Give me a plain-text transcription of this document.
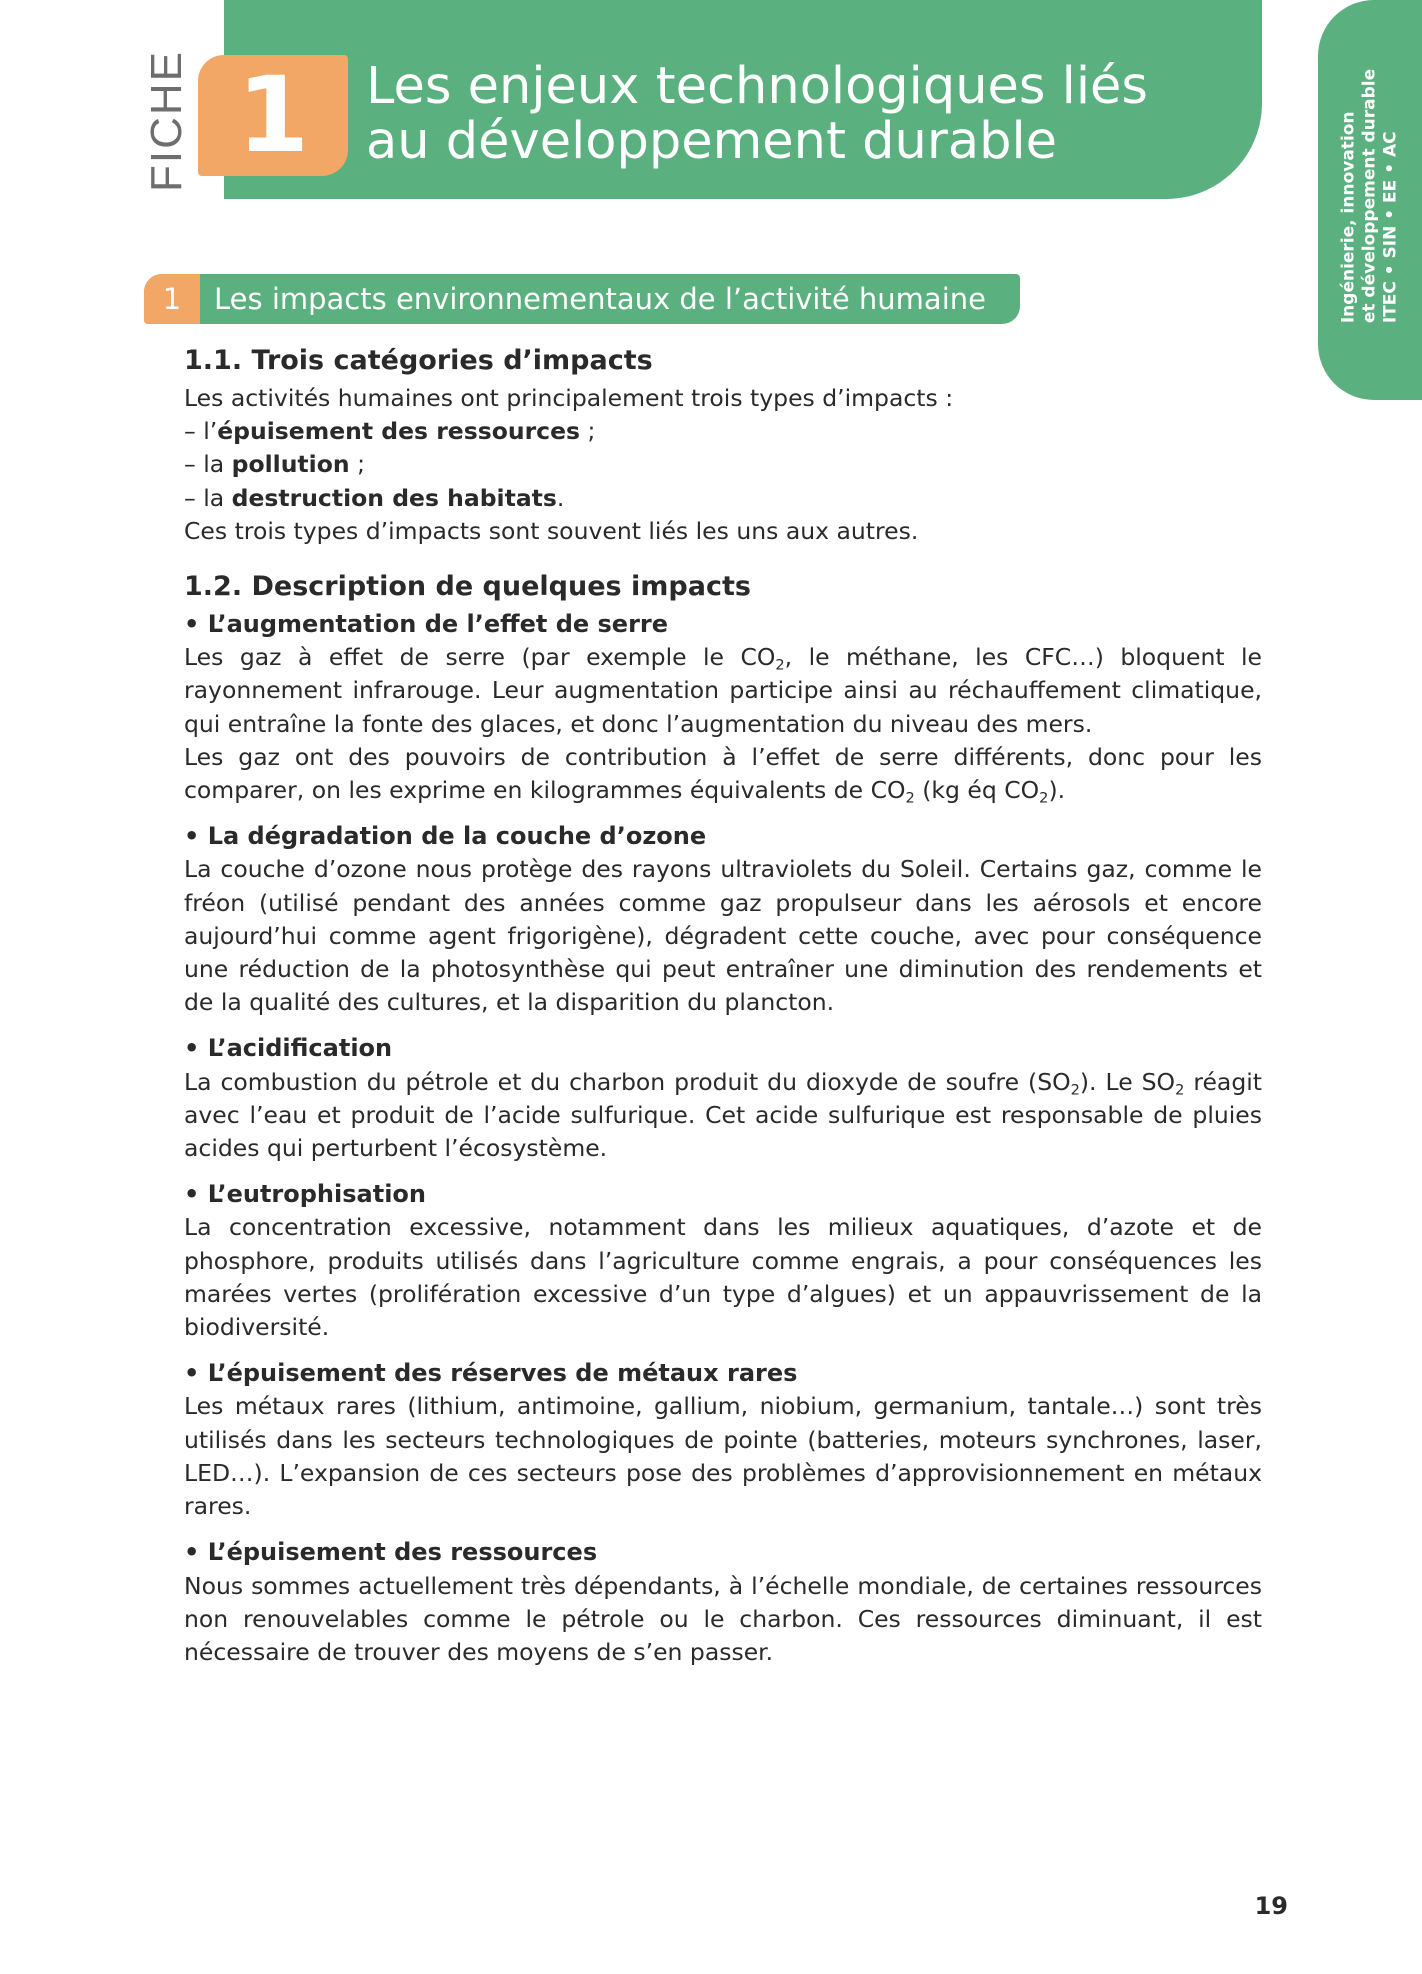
FICHE 1	Les enjeux technologiques liés
au développement durable	Ingénierie, innovation et développement durable ITEC • SIN • EE • AC
1	Les impacts environnementaux de l’activité humaine
1.1. Trois catégories d’impacts

Les activités humaines ont principalement trois types d’impacts :

– l’épuisement des ressources ;
– la pollution ;
– la destruction des habitats.

Ces trois types d’impacts sont souvent liés les uns aux autres.

1.2. Description de quelques impacts
• L’augmentation de l’effet de serre

Les gaz à effet de serre (par exemple le $CO_2$, le méthane, les CFC…) bloquent le rayonnement infrarouge. Leur augmentation participe ainsi au réchauffement climatique, qui entraîne la fonte des glaces, et donc l’augmentation du niveau des mers.

Les gaz ont des pouvoirs de contribution à l’effet de serre différents, donc pour les comparer, on les exprime en kilogrammes équivalents de $CO_2$ (kg éq $CO_2$).

• La dégradation de la couche d’ozone

La couche d’ozone nous protège des rayons ultraviolets du Soleil. Certains gaz, comme le fréon (utilisé pendant des années comme gaz propulseur dans les aérosols et encore aujourd’hui comme agent frigorigène), dégradent cette couche, avec pour conséquence une réduction de la photosynthèse qui peut entraîner une diminution des rendements et de la qualité des cultures, et la disparition du plancton.

• L’acidification

La combustion du pétrole et du charbon produit du dioxyde de soufre $(SO_2)$. Le $SO_2$ réagit avec l’eau et produit de l’acide sulfurique. Cet acide sulfurique est responsable de pluies acides qui perturbent l’écosystème.

• L’eutrophisation

La concentration excessive, notamment dans les milieux aquatiques, d’azote et de phosphore, produits utilisés dans l’agriculture comme engrais, a pour conséquences les marées vertes (prolifération excessive d’un type d’algues) et un appauvrissement de la biodiversité.

• L’épuisement des réserves de métaux rares

Les métaux rares (lithium, antimoine, gallium, niobium, germanium, tantale…) sont très utilisés dans les secteurs technologiques de pointe (batteries, moteurs synchrones, laser, LED…). L’expansion de ces secteurs pose des problèmes d’approvisionnement en métaux rares.

• L’épuisement des ressources

Nous sommes actuellement très dépendants, à l’échelle mondiale, de certaines ressources non renouvelables comme le pétrole ou le charbon. Ces ressources diminuant, il est nécessaire de trouver des moyens de s’en passer.

19
